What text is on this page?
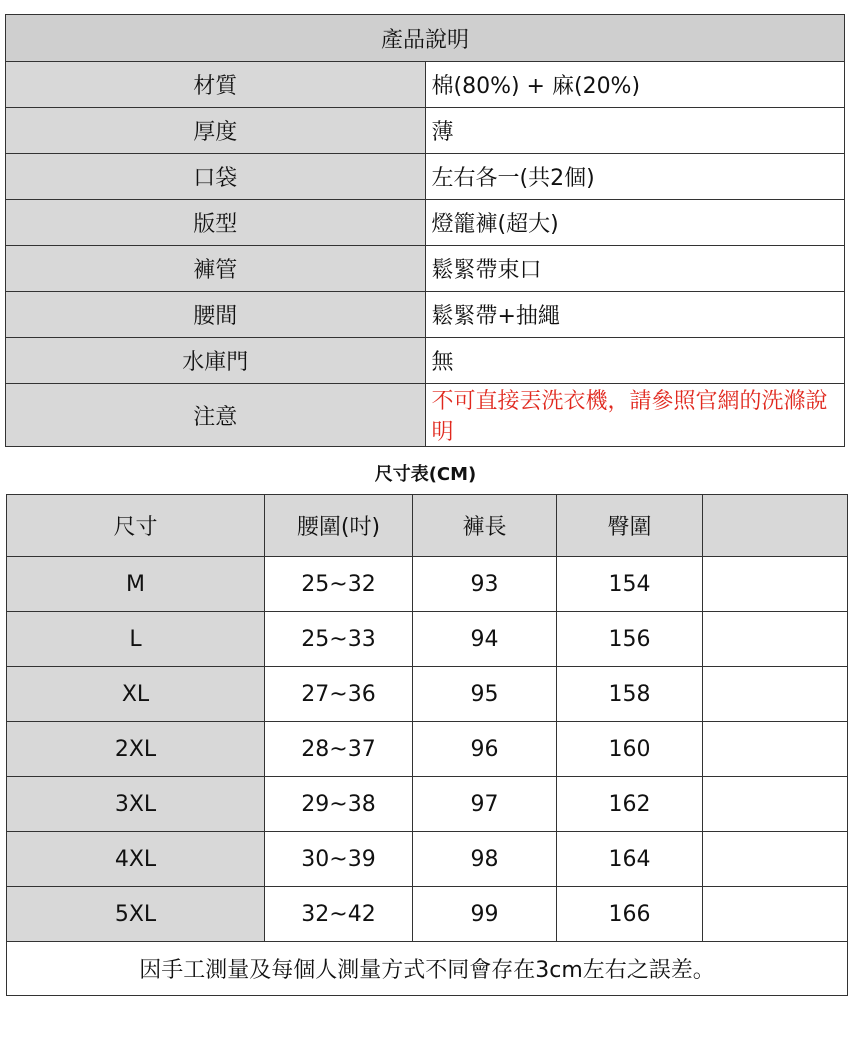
產品說明	
材質	棉(80%) + 麻(20%)
厚度	薄
口袋	左右各一(共2個)
版型	燈籠褲(超大)
褲管	鬆緊帶束口
腰間	鬆緊帶+抽繩
水庫門	無
注意	不可直接丟洗衣機，請參照官網的洗滌說明
尺寸表(CM)
尺寸	腰圍(吋)	褲長	臀圍	
M	25~32	93	154	
L	25~33	94	156	
XL	27~36	95	158	
2XL	28~37	96	160	
3XL	29~38	97	162	
4XL	30~39	98	164	
5XL	32~42	99	166	
因手工測量及每個人測量方式不同會存在3cm左右之誤差。				
